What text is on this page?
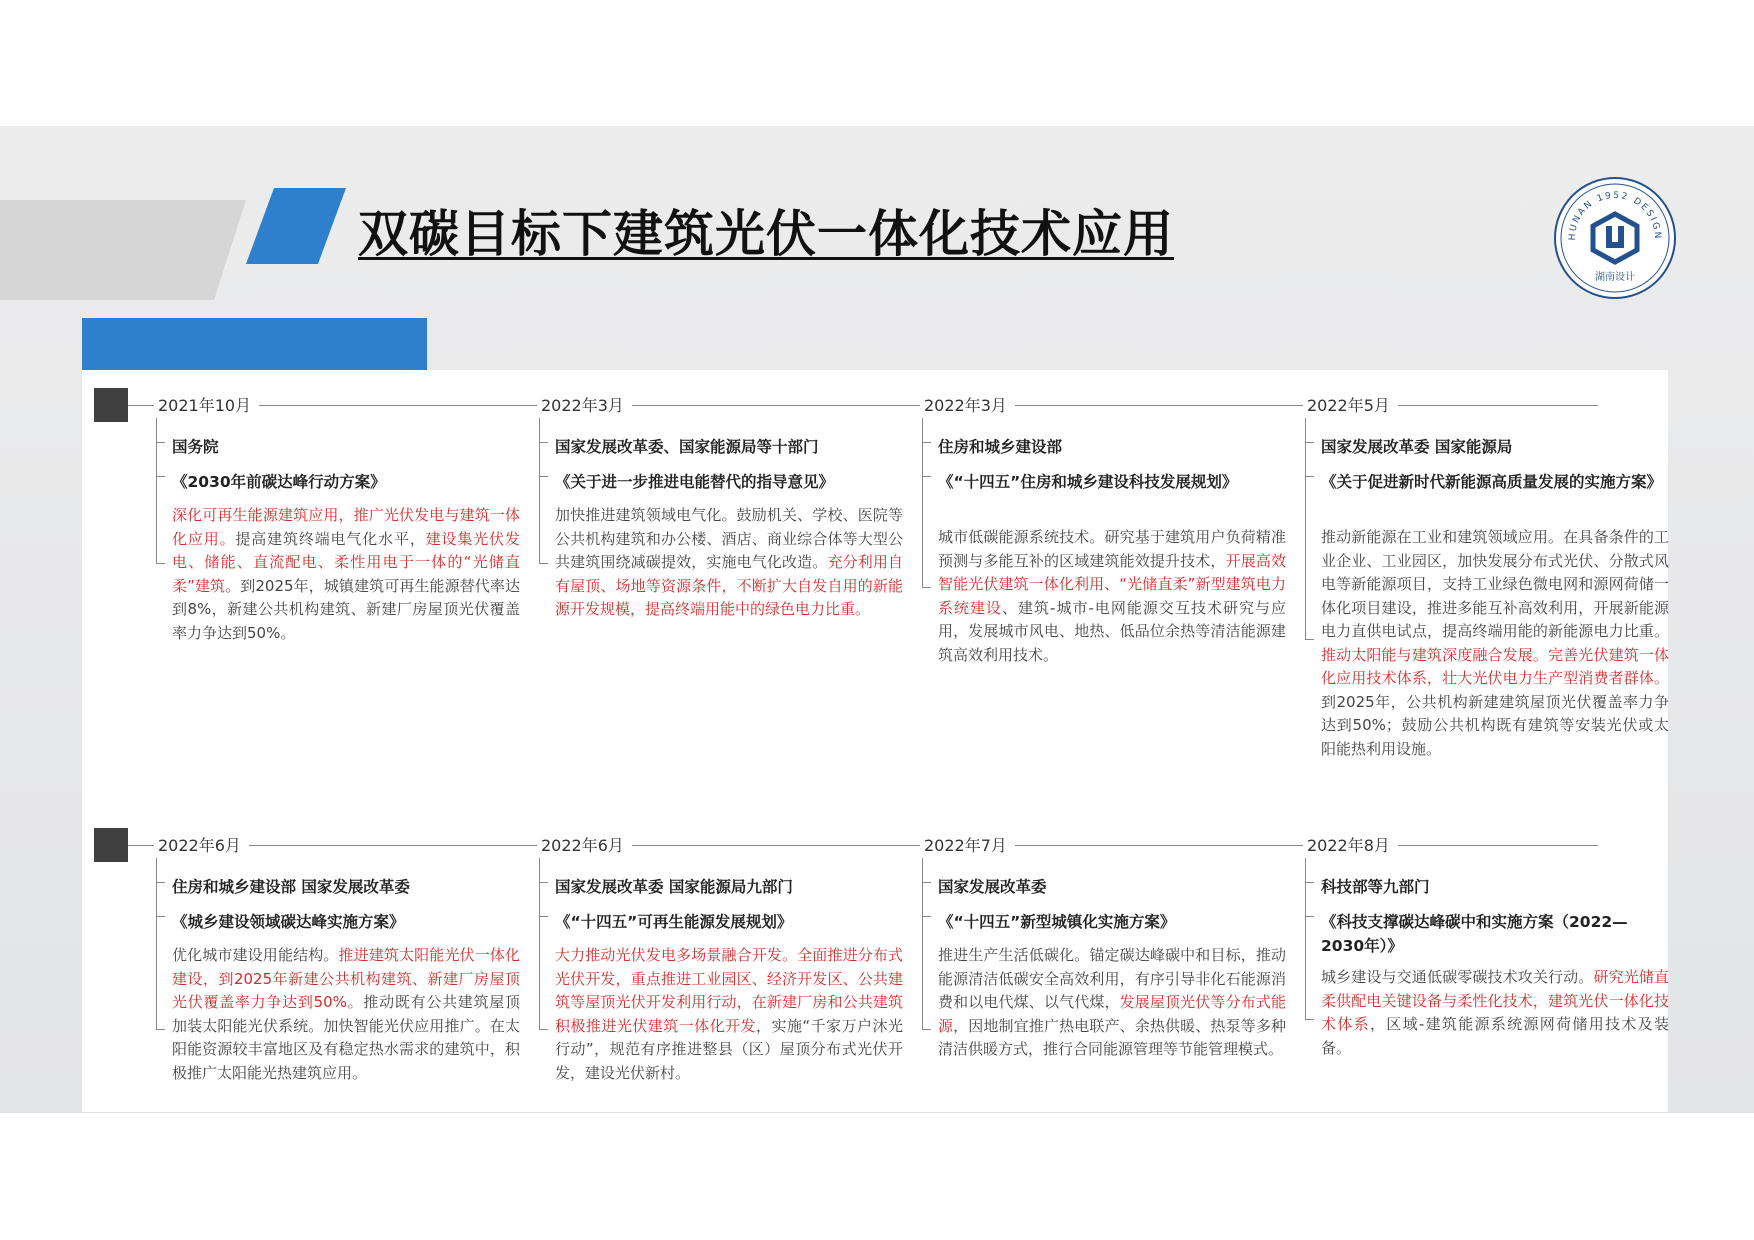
双碳目标下建筑光伏一体化技术应用	HUNAN 1952 DESIGN
湖南设计
2021年10月
国务院
《2030年前碳达峰行动方案》
深化可再生能源建筑应用，推广光伏发电与建筑一体化应用。提高建筑终端电气化水平，建设集光伏发电、储能、直流配电、柔性用电于一体的“光储直柔”建筑。到2025年，城镇建筑可再生能源替代率达到8%，新建公共机构建筑、新建厂房屋顶光伏覆盖率力争达到50%。
2022年3月
国家发展改革委、国家能源局等十部门
《关于进一步推进电能替代的指导意见》
加快推进建筑领域电气化。鼓励机关、学校、医院等公共机构建筑和办公楼、酒店、商业综合体等大型公共建筑围绕减碳提效，实施电气化改造。充分利用自有屋顶、场地等资源条件，不断扩大自发自用的新能源开发规模，提高终端用能中的绿色电力比重。
2022年3月
住房和城乡建设部
《“十四五”住房和城乡建设科技发展规划》
城市低碳能源系统技术。研究基于建筑用户负荷精准预测与多能互补的区域建筑能效提升技术，开展高效智能光伏建筑一体化利用、“光储直柔”新型建筑电力系统建设、建筑-城市-电网能源交互技术研究与应用，发展城市风电、地热、低品位余热等清洁能源建筑高效利用技术。
2022年5月
国家发展改革委 国家能源局
《关于促进新时代新能源高质量发展的实施方案》
推动新能源在工业和建筑领域应用。在具备条件的工业企业、工业园区，加快发展分布式光伏、分散式风电等新能源项目，支持工业绿色微电网和源网荷储一体化项目建设，推进多能互补高效利用，开展新能源电力直供电试点，提高终端用能的新能源电力比重。推动太阳能与建筑深度融合发展。完善光伏建筑一体化应用技术体系，壮大光伏电力生产型消费者群体。到2025年，公共机构新建建筑屋顶光伏覆盖率力争达到50%；鼓励公共机构既有建筑等安装光伏或太阳能热利用设施。
2022年6月
住房和城乡建设部 国家发展改革委
《城乡建设领域碳达峰实施方案》
优化城市建设用能结构。推进建筑太阳能光伏一体化建设，到2025年新建公共机构建筑、新建厂房屋顶光伏覆盖率力争达到50%。推动既有公共建筑屋顶加装太阳能光伏系统。加快智能光伏应用推广。在太阳能资源较丰富地区及有稳定热水需求的建筑中，积极推广太阳能光热建筑应用。
2022年6月
国家发展改革委 国家能源局九部门
《“十四五”可再生能源发展规划》
大力推动光伏发电多场景融合开发。全面推进分布式光伏开发，重点推进工业园区、经济开发区、公共建筑等屋顶光伏开发利用行动，在新建厂房和公共建筑积极推进光伏建筑一体化开发，实施“千家万户沐光行动”，规范有序推进整县（区）屋顶分布式光伏开发，建设光伏新村。
2022年7月
国家发展改革委
《“十四五”新型城镇化实施方案》
推进生产生活低碳化。锚定碳达峰碳中和目标，推动能源清洁低碳安全高效利用，有序引导非化石能源消费和以电代煤、以气代煤，发展屋顶光伏等分布式能源，因地制宜推广热电联产、余热供暖、热泵等多种清洁供暖方式，推行合同能源管理等节能管理模式。
2022年8月
科技部等九部门
《科技支撑碳达峰碳中和实施方案（2022—2030年）》
城乡建设与交通低碳零碳技术攻关行动。研究光储直柔供配电关键设备与柔性化技术，建筑光伏一体化技术体系，区域-建筑能源系统源网荷储用技术及装备。
